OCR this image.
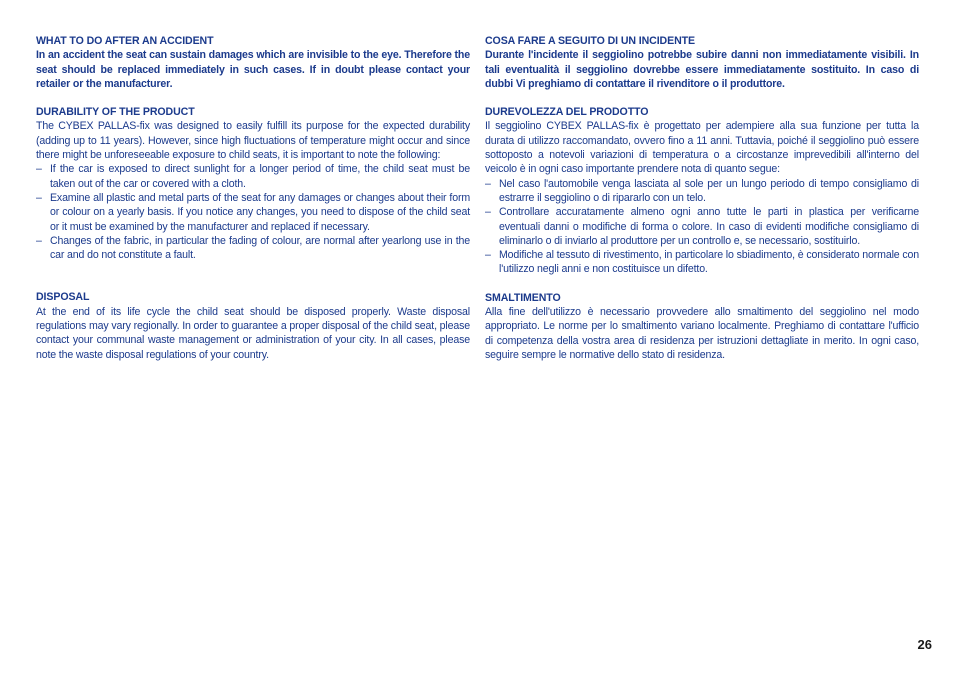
WHAT TO DO AFTER AN ACCIDENT

In an accident the seat can sustain damages which are invisible to the eye. Therefore the seat should be replaced immediately in such cases. If in doubt please contact your retailer or the manufacturer.

DURABILITY OF THE PRODUCT

The CYBEX PALLAS-fix was designed to easily fulfill its purpose for the expected durability (adding up to 11 years). However, since high fluctuations of temperature might occur and since there might be unforeseeable exposure to child seats, it is important to note the following:

– If the car is exposed to direct sunlight for a longer period of time, the child seat must be taken out of the car or covered with a cloth.
– Examine all plastic and metal parts of the seat for any damages or changes about their form or colour on a yearly basis. If you notice any changes, you need to dispose of the child seat or it must be examined by the manufacturer and replaced if necessary.
– Changes of the fabric, in particular the fading of colour, are normal after yearlong use in the car and do not constitute a fault.

DISPOSAL

At the end of its life cycle the child seat should be disposed properly. Waste disposal regulations may vary regionally. In order to guarantee a proper disposal of the child seat, please contact your communal waste management or administration of your city. In all cases, please note the waste disposal regulations of your country.

COSA FARE A SEGUITO DI UN INCIDENTE

Durante l'incidente il seggiolino potrebbe subire danni non immediatamente visibili. In tali eventualità il seggiolino dovrebbe essere immediatamente sostituito. In caso di dubbi Vi preghiamo di contattare il rivenditore o il produttore.

DUREVOLEZZA DEL PRODOTTO

Il seggiolino CYBEX PALLAS-fix è progettato per adempiere alla sua funzione per tutta la durata di utilizzo raccomandato, ovvero fino a 11 anni. Tuttavia, poiché il seggiolino può essere sottoposto a notevoli variazioni di temperatura o a circostanze imprevedibili all'interno del veicolo è in ogni caso importante prendere nota di quanto segue:

– Nel caso l'automobile venga lasciata al sole per un lungo periodo di tempo consigliamo di estrarre il seggiolino o di ripararlo con un telo.
– Controllare accuratamente almeno ogni anno tutte le parti in plastica per verificarne eventuali danni o modifiche di forma o colore. In caso di evidenti modifiche consigliamo di eliminarlo o di inviarlo al produttore per un controllo e, se necessario, sostituirlo.
– Modifiche al tessuto di rivestimento, in particolare lo sbiadimento, è considerato normale con l'utilizzo negli anni e non costituisce un difetto.

SMALTIMENTO

Alla fine dell'utilizzo è necessario provvedere allo smaltimento del seggiolino nel modo appropriato. Le norme per lo smaltimento variano localmente. Preghiamo di contattare l'ufficio di competenza della vostra area di residenza per istruzioni dettagliate in merito. In ogni caso, seguire sempre le normative dello stato di residenza.

26
